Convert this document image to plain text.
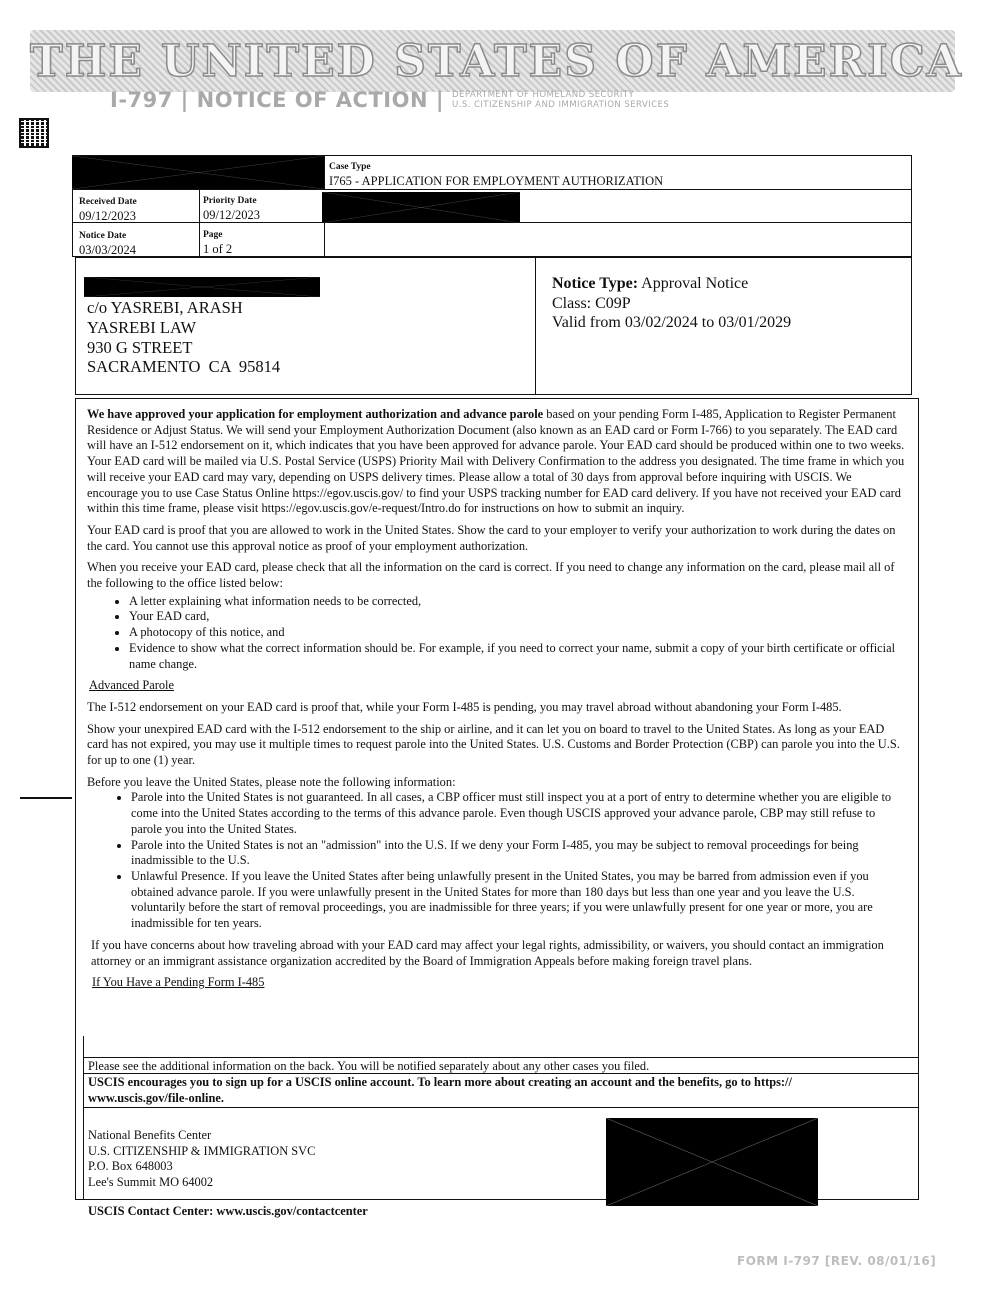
THE UNITED STATES OF AMERICA
I-797 | NOTICE OF ACTION | DEPARTMENT OF HOMELAND SECURITY
U.S. CITIZENSHIP AND IMMIGRATION SERVICES
Case Type
I765 - APPLICATION FOR EMPLOYMENT AUTHORIZATION
Received Date
09/12/2023
Priority Date
09/12/2023
Notice Date
03/03/2024
Page
1 of 2
c/o YASREBI, ARASH
YASREBI LAW
930 G STREET
SACRAMENTO  CA  95814
Notice Type: Approval Notice
Class: C09P
Valid from 03/02/2024 to 03/01/2029

We have approved your application for employment authorization and advance parole based on your pending Form I-485, Application to Register Permanent Residence or Adjust Status. We will send your Employment Authorization Document (also known as an EAD card or Form I-766) to you separately. The EAD card will have an I-512 endorsement on it, which indicates that you have been approved for advance parole. Your EAD card should be produced within one to two weeks. Your EAD card will be mailed via U.S. Postal Service (USPS) Priority Mail with Delivery Confirmation to the address you designated. The time frame in which you will receive your EAD card may vary, depending on USPS delivery times. Please allow a total of 30 days from approval before inquiring with USCIS. We encourage you to use Case Status Online https://egov.uscis.gov/ to find your USPS tracking number for EAD card delivery. If you have not received your EAD card within this time frame, please visit https://egov.uscis.gov/e-request/Intro.do for instructions on how to submit an inquiry.

Your EAD card is proof that you are allowed to work in the United States. Show the card to your employer to verify your authorization to work during the dates on the card. You cannot use this approval notice as proof of your employment authorization.

When you receive your EAD card, please check that all the information on the card is correct. If you need to change any information on the card, please mail all of the following to the office listed below:

• A letter explaining what information needs to be corrected,
• Your EAD card,
• A photocopy of this notice, and
• Evidence to show what the correct information should be. For example, if you need to correct your name, submit a copy of your birth certificate or official name change.

Advanced Parole

The I-512 endorsement on your EAD card is proof that, while your Form I-485 is pending, you may travel abroad without abandoning your Form I-485.

Show your unexpired EAD card with the I-512 endorsement to the ship or airline, and it can let you on board to travel to the United States. As long as your EAD card has not expired, you may use it multiple times to request parole into the United States. U.S. Customs and Border Protection (CBP) can parole you into the U.S. for up to one (1) year.

Before you leave the United States, please note the following information:

• Parole into the United States is not guaranteed. In all cases, a CBP officer must still inspect you at a port of entry to determine whether you are eligible to come into the United States according to the terms of this advance parole. Even though USCIS approved your advance parole, CBP may still refuse to parole you into the United States.
• Parole into the United States is not an "admission" into the U.S. If we deny your Form I-485, you may be subject to removal proceedings for being inadmissible to the U.S.
• Unlawful Presence. If you leave the United States after being unlawfully present in the United States, you may be barred from admission even if you obtained advance parole. If you were unlawfully present in the United States for more than 180 days but less than one year and you leave the U.S. voluntarily before the start of removal proceedings, you are inadmissible for three years; if you were unlawfully present for one year or more, you are inadmissible for ten years.

If you have concerns about how traveling abroad with your EAD card may affect your legal rights, admissibility, or waivers, you should contact an immigration attorney or an immigrant assistance organization accredited by the Board of Immigration Appeals before making foreign travel plans.

If You Have a Pending Form I-485

Please see the additional information on the back. You will be notified separately about any other cases you filed.
USCIS encourages you to sign up for a USCIS online account. To learn more about creating an account and the benefits, go to https:// www.uscis.gov/file-online.
National Benefits Center
U.S. CITIZENSHIP & IMMIGRATION SVC
P.O. Box 648003
Lee's Summit MO 64002
USCIS Contact Center: www.uscis.gov/contactcenter
FORM I-797 [REV. 08/01/16]
